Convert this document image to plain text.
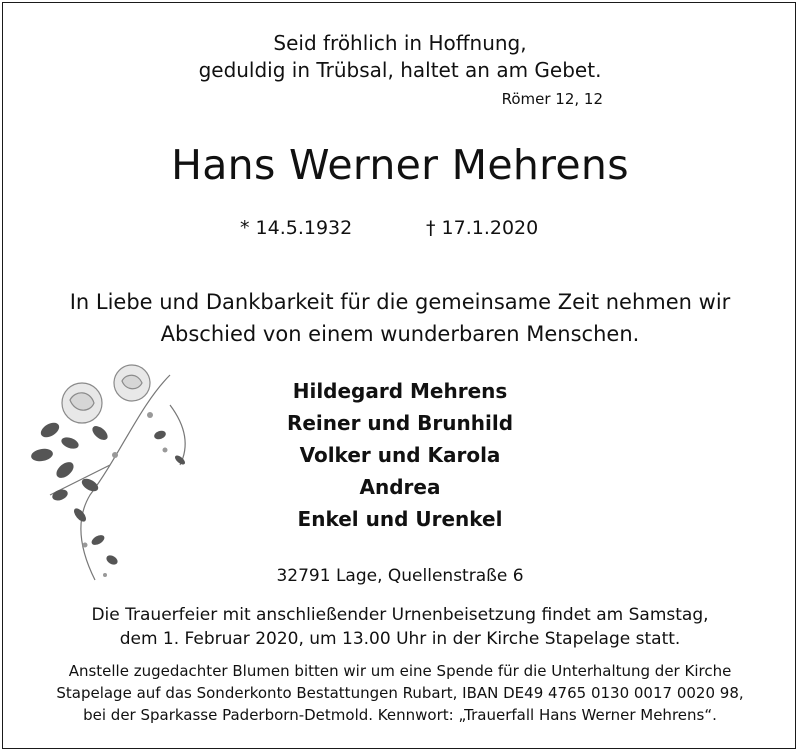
Seid fröhlich in Hoffnung,
geduldig in Trübsal, haltet an am Gebet.
Römer 12, 12
Hans Werner Mehrens
* 14.5.1932	† 17.1.2020
In Liebe und Dankbarkeit für die gemeinsame Zeit nehmen wir
Abschied von einem wunderbaren Menschen.
Hildegard Mehrens
Reiner und Brunhild
Volker und Karola
Andrea
Enkel und Urenkel
32791 Lage, Quellenstraße 6
Die Trauerfeier mit anschließender Urnenbeisetzung findet am Samstag,
dem 1. Februar 2020, um 13.00 Uhr in der Kirche Stapelage statt.
Anstelle zugedachter Blumen bitten wir um eine Spende für die Unterhaltung der Kirche
Stapelage auf das Sonderkonto Bestattungen Rubart, IBAN DE49 4765 0130 0017 0020 98,
bei der Sparkasse Paderborn-Detmold. Kennwort: „Trauerfall Hans Werner Mehrens“.
